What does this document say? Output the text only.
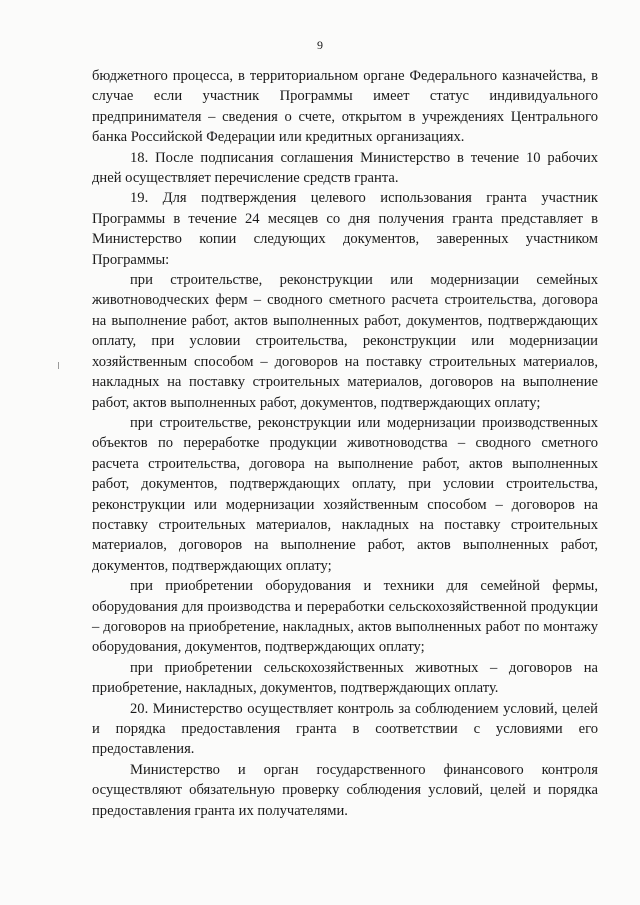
9

бюджетного процесса, в территориальном органе Федерального казначейства, в случае если участник Программы имеет статус индивидуального предпринимателя – сведения о счете, открытом в учреждениях Центрального банка Российской Федерации или кредитных организациях.

18. После подписания соглашения Министерство в течение 10 рабочих дней осуществляет перечисление средств гранта.

19. Для подтверждения целевого использования гранта участник Программы в течение 24 месяцев со дня получения гранта представляет в Министерство копии следующих документов, заверенных участником Программы:

при строительстве, реконструкции или модернизации семейных животноводческих ферм – сводного сметного расчета строительства, договора на выполнение работ, актов выполненных работ, документов, подтверждающих оплату, при условии строительства, реконструкции или модернизации хозяйственным способом – договоров на поставку строительных материалов, накладных на поставку строительных материалов, договоров на выполнение работ, актов выполненных работ, документов, подтверждающих оплату;

при строительстве, реконструкции или модернизации производственных объектов по переработке продукции животноводства – сводного сметного расчета строительства, договора на выполнение работ, актов выполненных работ, документов, подтверждающих оплату, при условии строительства, реконструкции или модернизации хозяйственным способом – договоров на поставку строительных материалов, накладных на поставку строительных материалов, договоров на выполнение работ, актов выполненных работ, документов, подтверждающих оплату;

при приобретении оборудования и техники для семейной фермы, оборудования для производства и переработки сельскохозяйственной продукции – договоров на приобретение, накладных, актов выполненных работ по монтажу оборудования, документов, подтверждающих оплату;

при приобретении сельскохозяйственных животных – договоров на приобретение, накладных, документов, подтверждающих оплату.

20. Министерство осуществляет контроль за соблюдением условий, целей и порядка предоставления гранта в соответствии с условиями его предоставления.

Министерство и орган государственного финансового контроля осуществляют обязательную проверку соблюдения условий, целей и порядка предоставления гранта их получателями.
